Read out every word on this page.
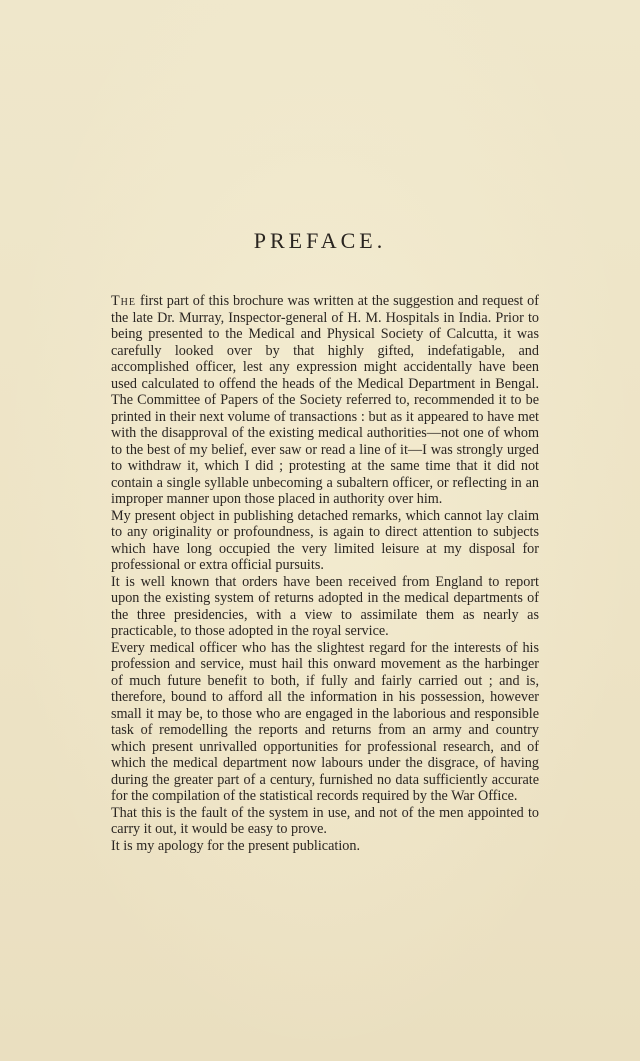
PREFACE.

The first part of this brochure was written at the suggestion and request of the late Dr. Murray, Inspector-general of H. M. Hospitals in India. Prior to being presented to the Medical and Physical Society of Calcutta, it was carefully looked over by that highly gifted, indefatigable, and accomplished officer, lest any expression might accidentally have been used calculated to offend the heads of the Medical Department in Bengal. The Committee of Papers of the Society referred to, recommended it to be printed in their next volume of transactions : but as it appeared to have met with the disapproval of the existing medical authorities—not one of whom to the best of my belief, ever saw or read a line of it—I was strongly urged to withdraw it, which I did ; protesting at the same time that it did not contain a single syllable unbecoming a subaltern officer, or reflecting in an improper manner upon those placed in authority over him.

My present object in publishing detached remarks, which cannot lay claim to any originality or profoundness, is again to direct attention to subjects which have long occupied the very limited leisure at my disposal for professional or extra official pursuits.

It is well known that orders have been received from England to report upon the existing system of returns adopted in the medical departments of the three presidencies, with a view to assimilate them as nearly as practicable, to those adopted in the royal service.

Every medical officer who has the slightest regard for the interests of his profession and service, must hail this onward movement as the harbinger of much future benefit to both, if fully and fairly carried out ; and is, therefore, bound to afford all the information in his possession, however small it may be, to those who are engaged in the laborious and responsible task of remodelling the reports and returns from an army and country which present unrivalled opportunities for professional research, and of which the medical department now labours under the disgrace, of having during the greater part of a century, furnished no data sufficiently accurate for the compilation of the statistical records required by the War Office.

That this is the fault of the system in use, and not of the men appointed to carry it out, it would be easy to prove.

It is my apology for the present publication.
